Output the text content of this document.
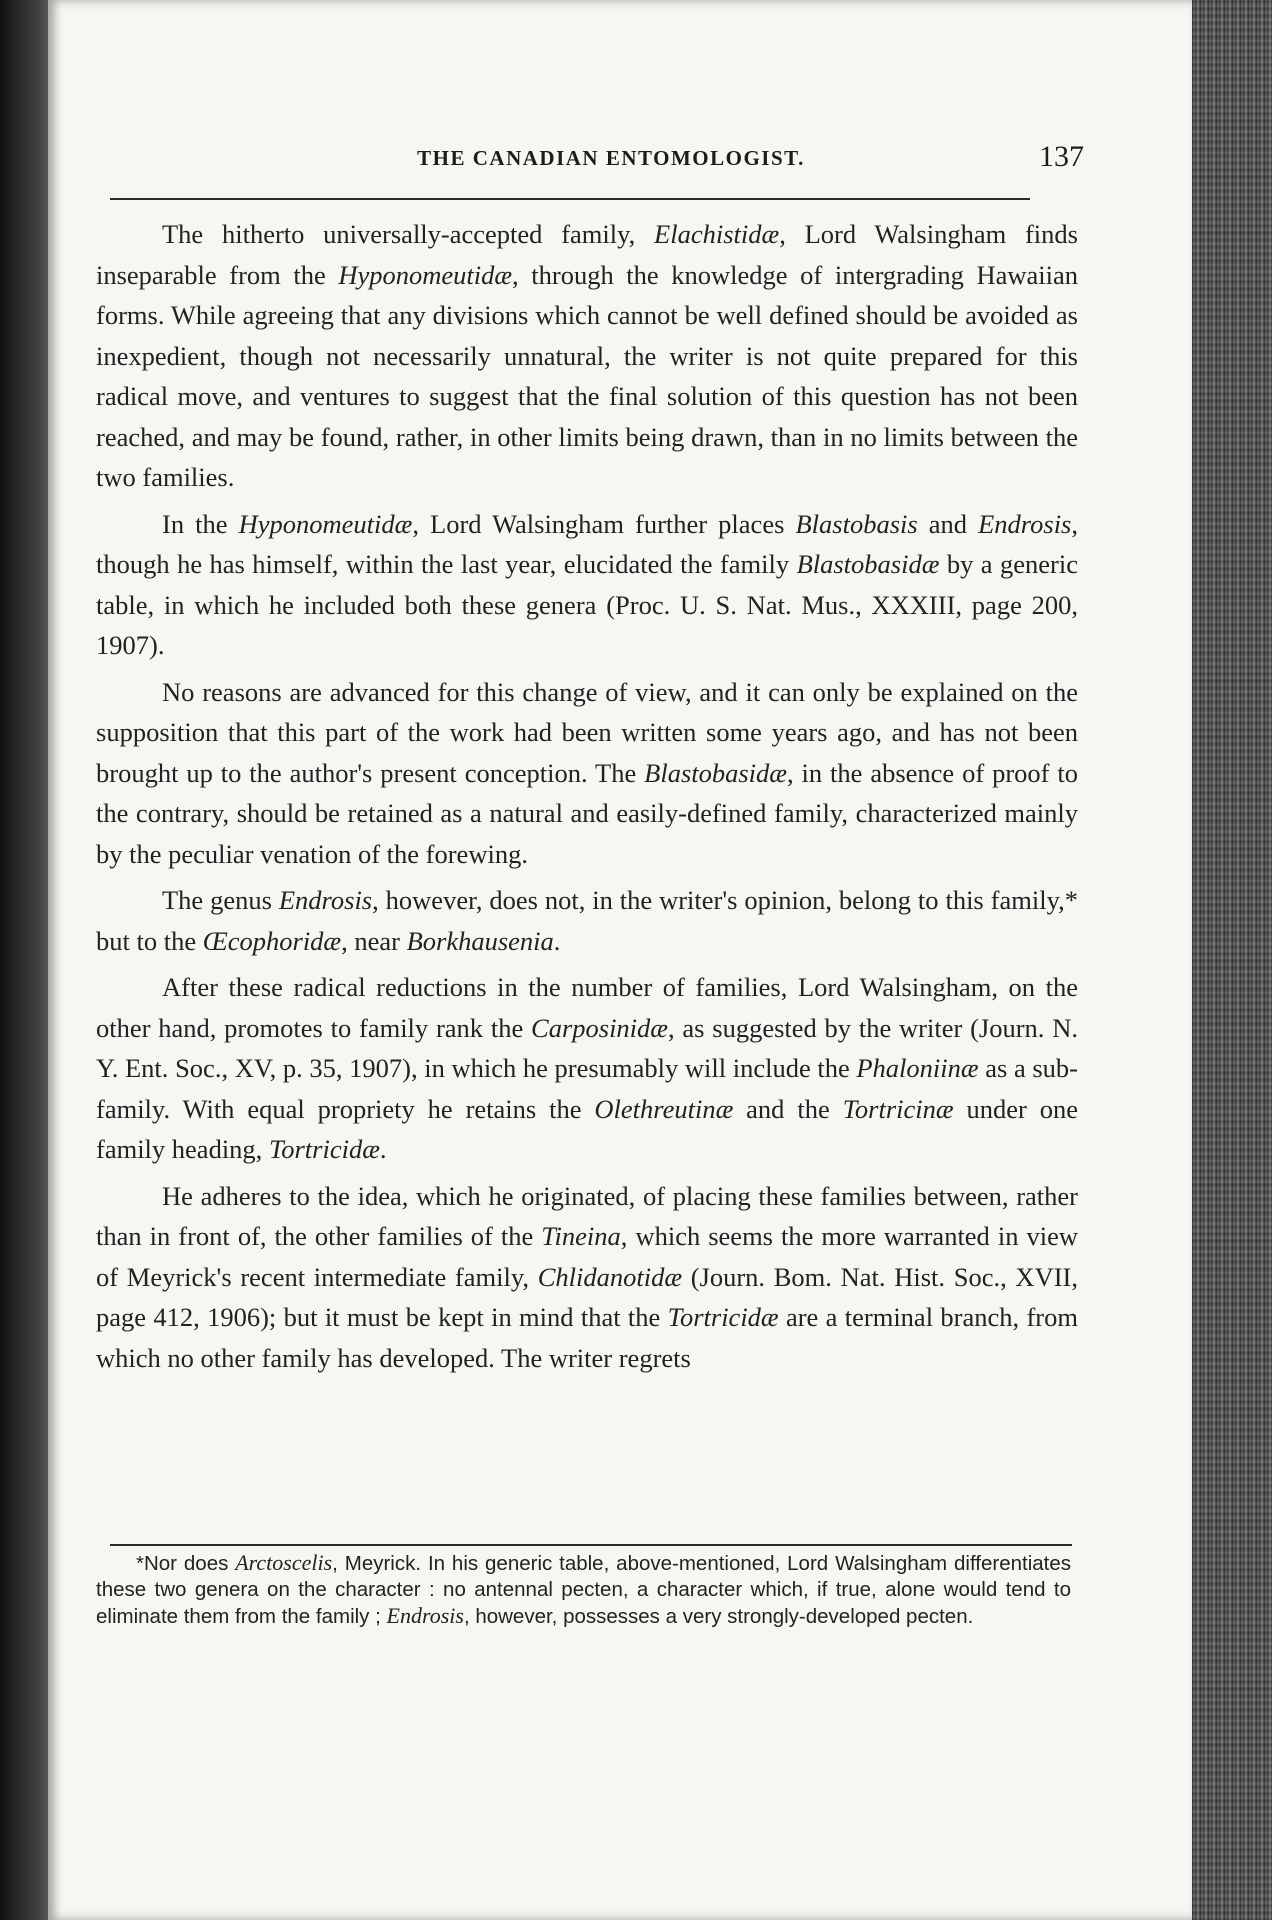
THE CANADIAN ENTOMOLOGIST.	137

The hitherto universally-accepted family, Elachistidæ, Lord Walsingham finds inseparable from the Hyponomeutidæ, through the knowledge of intergrading Hawaiian forms. While agreeing that any divisions which cannot be well defined should be avoided as inexpedient, though not necessarily unnatural, the writer is not quite prepared for this radical move, and ventures to suggest that the final solution of this question has not been reached, and may be found, rather, in other limits being drawn, than in no limits between the two families.

In the Hyponomeutidæ, Lord Walsingham further places Blastobasis and Endrosis, though he has himself, within the last year, elucidated the family Blastobasidæ by a generic table, in which he included both these genera (Proc. U. S. Nat. Mus., XXXIII, page 200, 1907).

No reasons are advanced for this change of view, and it can only be explained on the supposition that this part of the work had been written some years ago, and has not been brought up to the author's present conception. The Blastobasidæ, in the absence of proof to the contrary, should be retained as a natural and easily-defined family, characterized mainly by the peculiar venation of the forewing.

The genus Endrosis, however, does not, in the writer's opinion, belong to this family,* but to the Œcophoridæ, near Borkhausenia.

After these radical reductions in the number of families, Lord Walsingham, on the other hand, promotes to family rank the Carposinidæ, as suggested by the writer (Journ. N. Y. Ent. Soc., XV, p. 35, 1907), in which he presumably will include the Phaloniinæ as a sub-family. With equal propriety he retains the Olethreutinæ and the Tortricinæ under one family heading, Tortricidæ.

He adheres to the idea, which he originated, of placing these families between, rather than in front of, the other families of the Tineina, which seems the more warranted in view of Meyrick's recent intermediate family, Chlidanotidæ (Journ. Bom. Nat. Hist. Soc., XVII, page 412, 1906); but it must be kept in mind that the Tortricidæ are a terminal branch, from which no other family has developed. The writer regrets

*Nor does Arctoscelis, Meyrick. In his generic table, above-mentioned, Lord Walsingham differentiates these two genera on the character : no antennal pecten, a character which, if true, alone would tend to eliminate them from the family ; Endrosis, however, possesses a very strongly-developed pecten.
